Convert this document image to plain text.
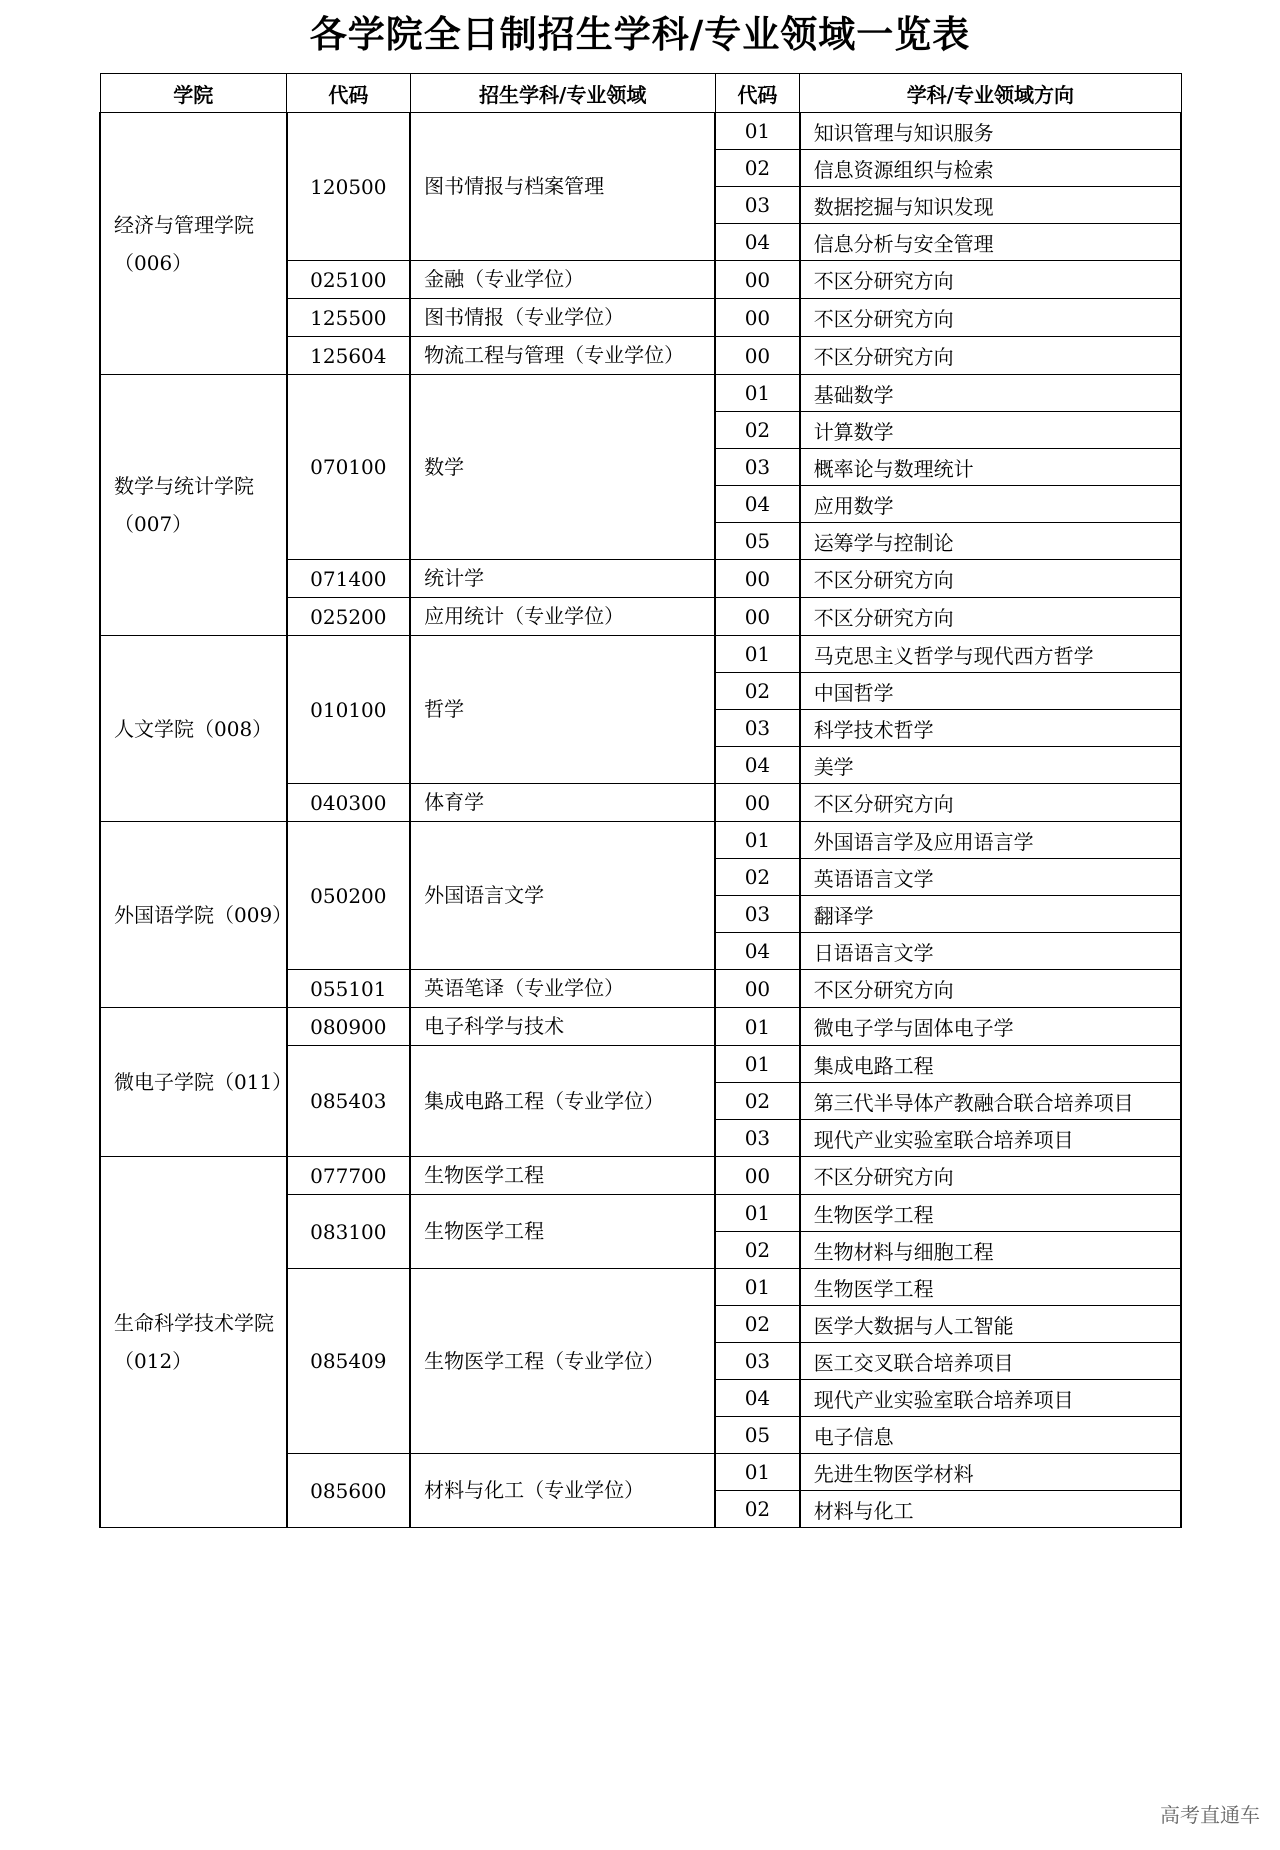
各学院全日制招生学科/专业领域一览表
学院	代码	招生学科/专业领域	代码	学科/专业领域方向
经济与管理学院（006）	120500	图书情报与档案管理	01	知识管理与知识服务
			02	信息资源组织与检索
			03	数据挖掘与知识发现
			04	信息分析与安全管理
	025100	金融（专业学位）	00	不区分研究方向
	125500	图书情报（专业学位）	00	不区分研究方向
	125604	物流工程与管理（专业学位）	00	不区分研究方向
数学与统计学院（007）	070100	数学	01	基础数学
			02	计算数学
			03	概率论与数理统计
			04	应用数学
			05	运筹学与控制论
	071400	统计学	00	不区分研究方向
	025200	应用统计（专业学位）	00	不区分研究方向
人文学院（008）	010100	哲学	01	马克思主义哲学与现代西方哲学
			02	中国哲学
			03	科学技术哲学
			04	美学
	040300	体育学	00	不区分研究方向
外国语学院（009）	050200	外国语言文学	01	外国语言学及应用语言学
			02	英语语言文学
			03	翻译学
			04	日语语言文学
	055101	英语笔译（专业学位）	00	不区分研究方向
微电子学院（011）	080900	电子科学与技术	01	微电子学与固体电子学
	085403	集成电路工程（专业学位）	01	集成电路工程
			02	第三代半导体产教融合联合培养项目
			03	现代产业实验室联合培养项目
生命科学技术学院（012）	077700	生物医学工程	00	不区分研究方向
	083100	生物医学工程	01	生物医学工程
			02	生物材料与细胞工程
	085409	生物医学工程（专业学位）	01	生物医学工程
			02	医学大数据与人工智能
			03	医工交叉联合培养项目
			04	现代产业实验室联合培养项目
			05	电子信息
	085600	材料与化工（专业学位）	01	先进生物医学材料
			02	材料与化工
高考直通车
